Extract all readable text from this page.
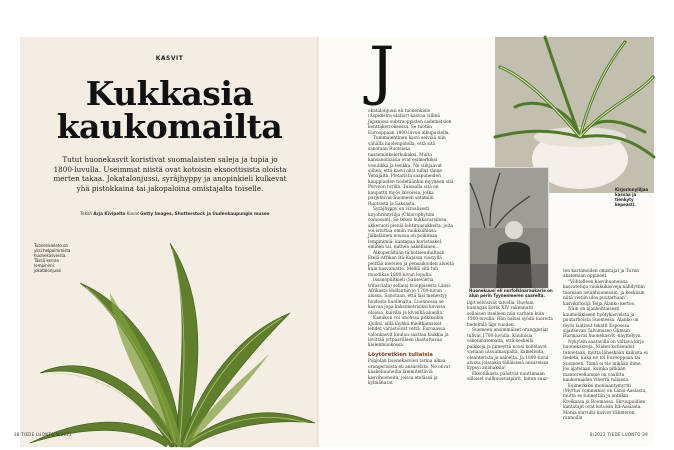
KASVIT
Kukkasia
kaukomailta
Tutut huonekasvit koristivat suomalaisten saleja ja tupia jo 1800-luvulla. Useimmat niistä ovat kotoisin eksoottisista oloista merten takaa. Jokatalonjussi, syräjhyppy ja anopinkieli kulkevat yhä pistokkaina tai jakopaloina omistajalta toiselle.
Teksti Arja Kivipelto Kuvat Getty Images, Shutterstock ja Uudenkaupungin museo
Tuonenkieleto on yksi helpoimmista huonekasveista. Tässä kerran lempinimi: jokatalonjussi
38 TIEDE LUONTO 8/2022
Huonekuusi eli norfolkinaraukaria on alun perin Tyynenmeren saarelta.
Kirjorinnyliljaa kasvaa ja tienkyty kepeastl.
J

okatalonjussi eli tuonenkielo (Aspidistra elatior) kasvaa villinä Japanissa subtrooppisten sademetsien kenttäkerroksessa. Se tuotiin Eurooppaan 1800-luvun alkupuolella.

Tummalehtinen kasvi selviää niin vähällä huolenpidolla, että sitä sanotaan Ruotsissa nasseminkelerkukaksi. Muita kansanomaisia ovat esimerkiksi vesulikka ja lesikka. Ne viihjaavat siihen, että kasvi olisi tullut tänne Venäjältä. Pietarista saapuneiden kauppiaiden tiedetäänkin myyneen sitä Porvoon torilla. Tuisaalla sitä on kaupattu myös laivoissa, jotka purjehtivat Suomeen satamiin Ruotsista ja Saksasta.

Syräjhyppy on viraalisesti kirjohrinnylilja (Chlorophytum comosum). Se teken kukkavarsiinsa akkeruoti pieniä lehtiruusukkeita, joita voi istuttaa omiin ruukkuihinsa. Jälkeläinen nousua on poikimaa lempinimiä: kantapaa huristaakel, emihen tai, mithen aakellianen...

Alkuperältään tä kotiseuduiltaan Etelä-Afrikan Itä-Kapissa viostyllä peittää mersien ja pensaikoiden alueitä kuin kasvamatto. Meillä sitä tuli muodikas 1800-luvun lopulla.

Issanopiiltkieli (Sansevieria trifasciata) sellaisi trooppisesta Länsi-Afrikasta Hollantiin jo 1700-luvun alussa. Sanotaan, että läsi menestyy hoidosta huolimatta. Luonnossa se kasvaa jopa kaksimetrisiksi kovissa oloissa, kuivilla ja kivisillä alueilla.

Kamikun voi unohtaa pitkiksikin ajoiksi, sillä läyhkä mieltkamaiset lehdet varastoivat vettä. Euroaassa valonkasvit kuuluu saattaa kaikkia ja levittää yrtpaarilleen ihastuttavaa kielenmuokossa.

Löytöretkien tuliaisia

Pohjolan huonekasvien tarina alkaa orangerioista eli ansareista. Ne olivat kaakeliuuneilla lämmitettäviä kasvihuoneita, joissa etelässä ja kylmänarat

lajit selvisivät talvella. Ruotsin kuningas Eerik XIV rakennutti sellaisen itselleen niin varhain kuin 1560-luvulla. Hän halusi syödä tuoreita hedelmiä läpi vuoden.

Suomeen ensimmäiset oranggeriat tulivat 1700-luvulla. Kuuluisia oskonmatomalta, että keskellä paikkoja ja pimeyttä nousi koholavot vastaan utsuamaupalta, kameliolta, oleanterista ja aaloeita. Ja 1800-luvul alussa joissakin tälläisissä ansareissa kypsyi ananaksia!

Eksotiikasta päästvät nauttimaan silloiset suilkuussuspiirit, kuten suur-

ten kartanoiden omistajat ja Turun akatemian oppineet.

"Viihtelleen kasvihuoneissa kasvatetuja ruukkukasveja nähdyttiin tuomaan asuinhuoneisiin, ja keskiisin niitä vietiin ulos puutarhaan", kasvikirkoljä Teija Alanko kertoo.

Näin on ajankohtaisesti kaumeläkiseen hyötykasveista ja puutarhoista Suomessa. Alanko on myös laatinut tekstit Espoossa sijaitsevan Talvimuseo Glimsin Harmaavat huonekasvit -näyttelyyn.

Nykyisin saatavilla on valtava kirjo huonekasveja. Niiden kotiseudut tunnetaan, mutta läheskään kaikista ei tiedetä, kuka ne toi Eurooppaan tai Suomeen. Tämä ei ole mikään ihme, jos ajatelaan, kuinka pitkään mantereellamme on vaalittu kaukomaiden viherrä tuliaisia.

Esimerkiksi moniaantymyrtti (Myrtus communis) on Länsi-Aasiasta, mutta se tunnettiin jo antiikin Kreikassa ja Roomassa. Skruupuidien kantatajit ovat kotoisin Itä-Aasiasta. Monia siirrulta kasvot Välimeren rannoilla

8/2022 TIEDE LUONTO 39
